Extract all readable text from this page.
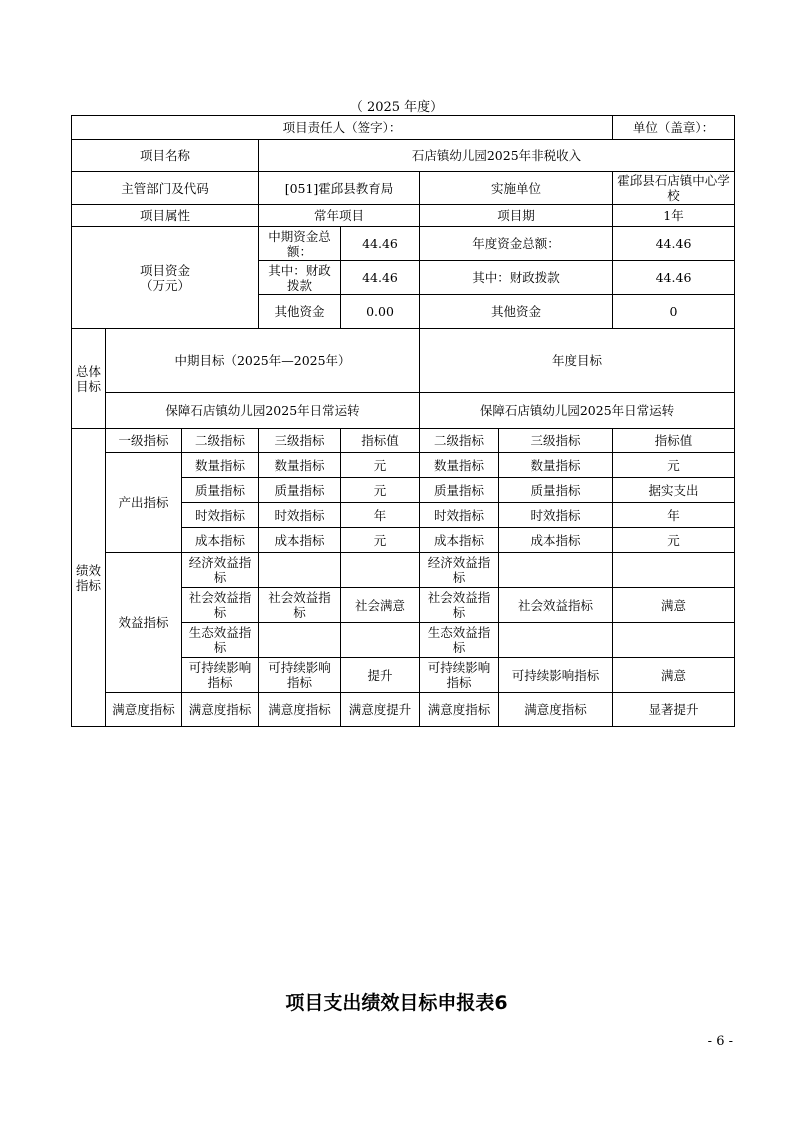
（ 2025 年度）
项目责任人（签字）：							单位（盖章）：
项目名称			石店镇幼儿园2025年非税收入				
主管部门及代码			[051]霍邱县教育局		实施单位		霍邱县石店镇中心学校
项目属性			常年项目		项目期		1年

项目资金
（万元）			中期资金总额：	44.46	年度资金总额：		44.46
			其中：财政拨款	44.46	其中：财政拨款		44.46
			其他资金	0.00	其他资金		0
总体目标	中期目标（2025年—2025年）				年度目标		
	保障石店镇幼儿园2025年日常运转				保障石店镇幼儿园2025年日常运转		
绩效指标	一级指标	二级指标	三级指标	指标值	二级指标	三级指标	指标值
	产出指标	数量指标	数量指标	元	数量指标	数量指标	元
		质量指标	质量指标	元	质量指标	质量指标	据实支出
		时效指标	时效指标	年	时效指标	时效指标	年
		成本指标	成本指标	元	成本指标	成本指标	元
	效益指标	经济效益指标			经济效益指标		
		社会效益指标	社会效益指标	社会满意	社会效益指标	社会效益指标	满意
		生态效益指标			生态效益指标		
		可持续影响指标	可持续影响指标	提升	可持续影响指标	可持续影响指标	满意
	满意度指标	满意度指标	满意度指标	满意度提升	满意度指标	满意度指标	显著提升
项目支出绩效目标申报表6
- 6 -
